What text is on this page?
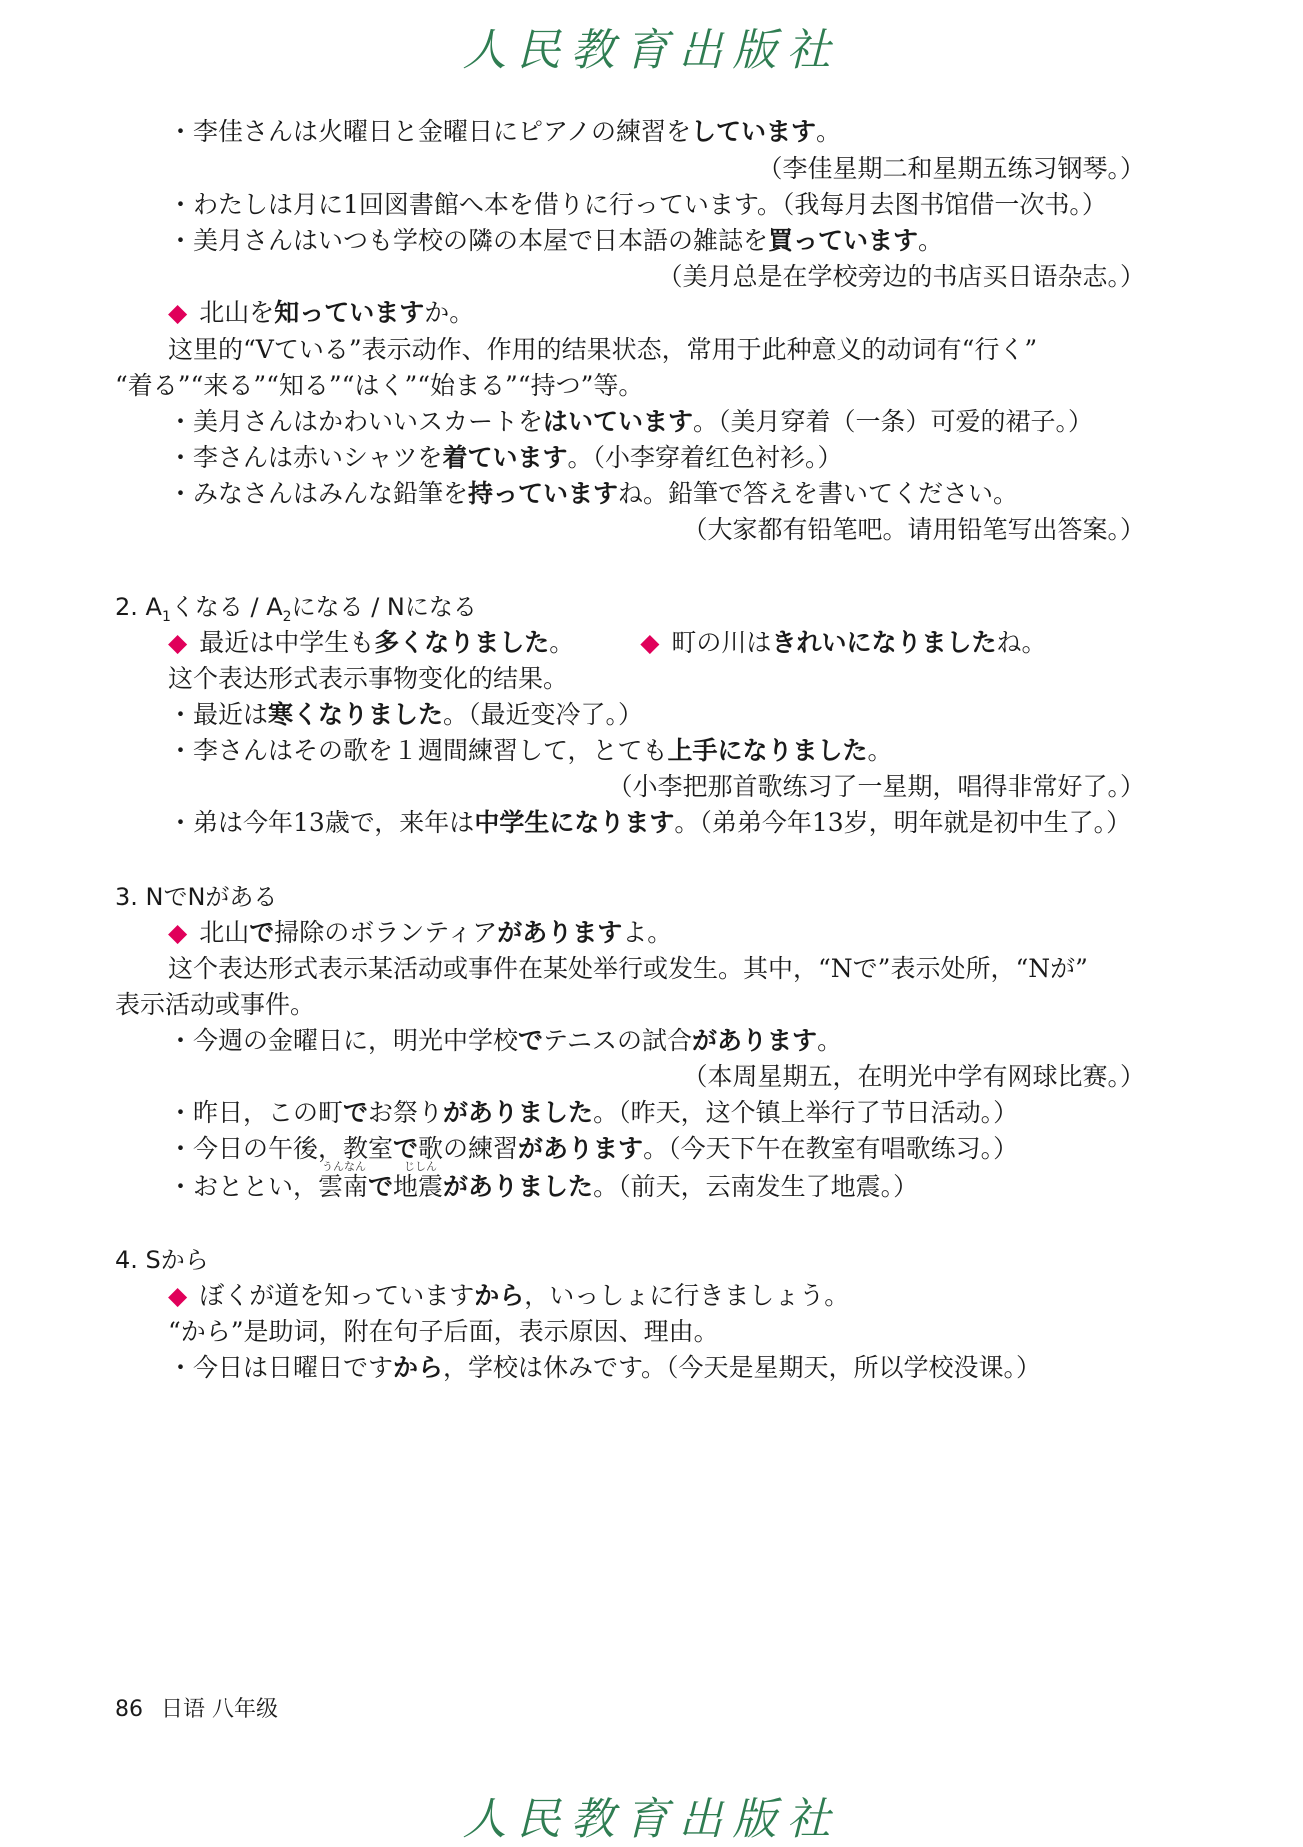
人民教育出版社
・李佳さんは火曜日と金曜日にピアノの練習をしています。
（李佳星期二和星期五练习钢琴。）
・わたしは月に1回図書館へ本を借りに行っています。（我每月去图书馆借一次书。）
・美月さんはいつも学校の隣の本屋で日本語の雑誌を買っています。
（美月总是在学校旁边的书店买日语杂志。）
◆ 北山を知っていますか。
这里的“Vている”表示动作、作用的结果状态，常用于此种意义的动词有“行く”
“着る”“来る”“知る”“はく”“始まる”“持つ”等。
・美月さんはかわいいスカートをはいています。（美月穿着（一条）可爱的裙子。）
・李さんは赤いシャツを着ています。（小李穿着红色衬衫。）
・みなさんはみんな鉛筆を持っていますね。鉛筆で答えを書いてください。
（大家都有铅笔吧。请用铅笔写出答案。）
2. $A_1$くなる / $A_2$になる / Nになる
◆ 最近は中学生も多くなりました。	◆ 町の川はきれいになりましたね。
这个表达形式表示事物变化的结果。
・最近は寒くなりました。（最近变冷了。）
・李さんはその歌を１週間練習して，とても上手になりました。
（小李把那首歌练习了一星期，唱得非常好了。）
・弟は今年13歳で，来年は中学生になります。（弟弟今年13岁，明年就是初中生了。）
3. NでNがある
◆ 北山で掃除のボランティアがありますよ。
这个表达形式表示某活动或事件在某处举行或发生。其中，“Nで”表示处所，“Nが”
表示活动或事件。
・今週の金曜日に，明光中学校でテニスの試合があります。
（本周星期五，在明光中学有网球比赛。）
・昨日，この町でお祭りがありました。（昨天，这个镇上举行了节日活动。）
・今日の午後，教室で歌の練習があります。（今天下午在教室有唱歌练习。）
うんなん	じしん
・おととい，雲南で地震がありました。（前天，云南发生了地震。）
4. Sから
◆ ぼくが道を知っていますから，いっしょに行きましょう。
“から”是助词，附在句子后面，表示原因、理由。
・今日は日曜日ですから，学校は休みです。（今天是星期天，所以学校没课。）
86 日语 八年级
人民教育出版社
